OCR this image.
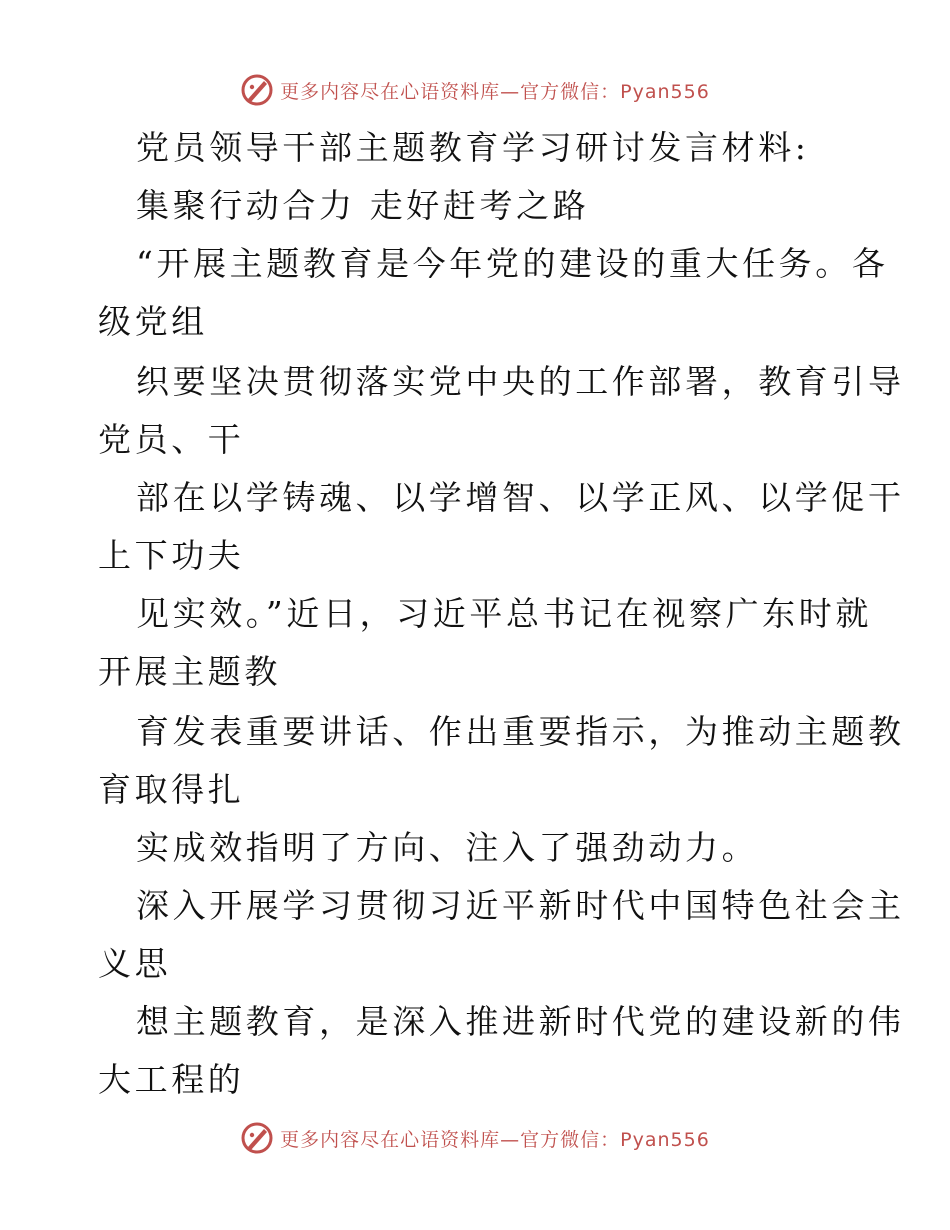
更多内容尽在心语资料库—官方微信：Pyan556
党员领导干部主题教育学习研讨发言材料:
集聚行动合力 走好赶考之路
“开展主题教育是今年党的建设的重大任务。各
级党组
织要坚决贯彻落实党中央的工作部署，教育引导
党员、干
部在以学铸魂、以学增智、以学正风、以学促干
上下功夫
见实效。”近日，习近平总书记在视察广东时就
开展主题教
育发表重要讲话、作出重要指示，为推动主题教
育取得扎
实成效指明了方向、注入了强劲动力。
深入开展学习贯彻习近平新时代中国特色社会主
义思
想主题教育，是深入推进新时代党的建设新的伟
大工程的
更多内容尽在心语资料库—官方微信：Pyan556
